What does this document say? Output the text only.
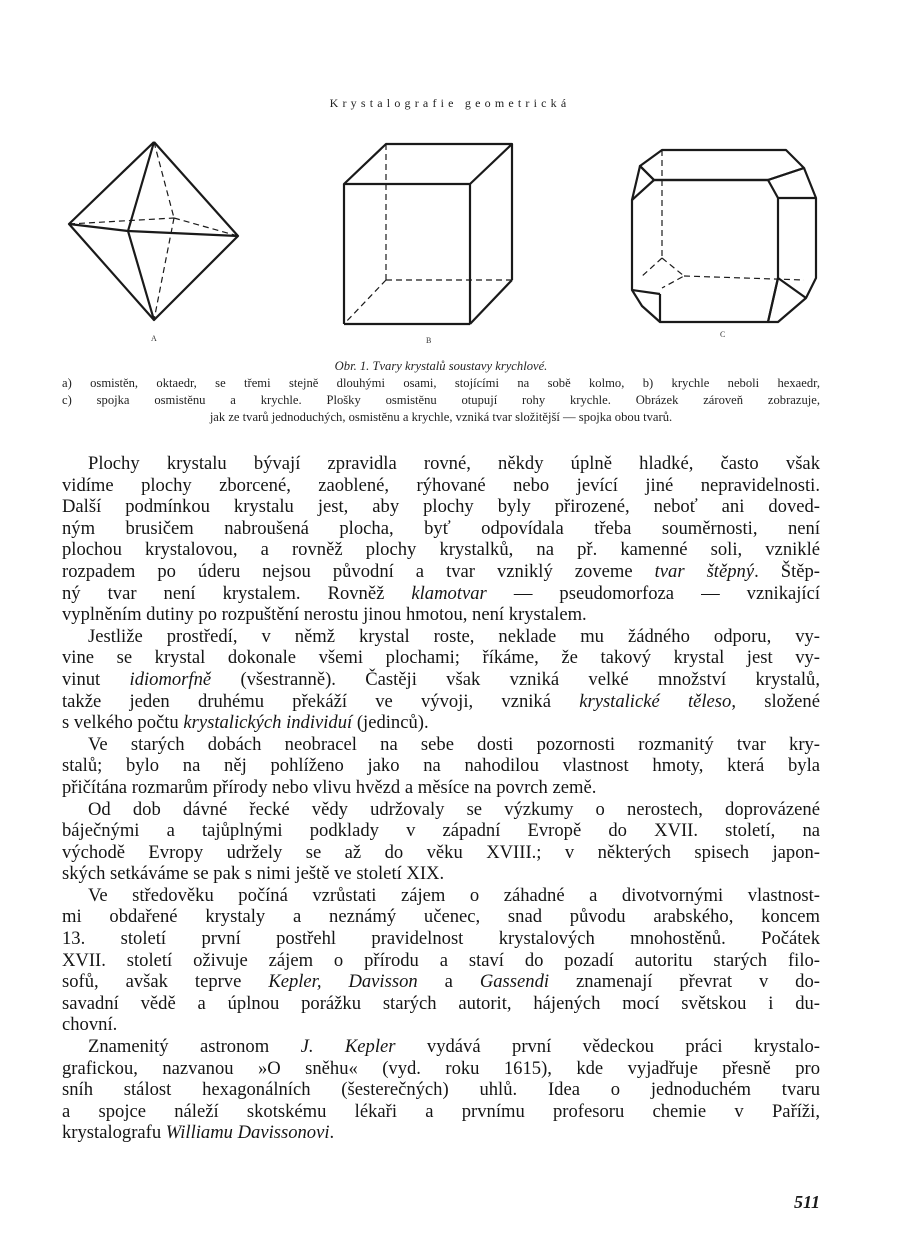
Krystalografie geometrická
A	B
C
Obr. 1. Tvary krystalů soustavy krychlové.
a) osmistěn, oktaedr, se třemi stejně dlouhými osami, stojícími na sobě kolmo, b) krychle neboli hexaedr,
c) spojka osmistěnu a krychle. Plošky osmistěnu otupují rohy krychle. Obrázek zároveň zobrazuje,
jak ze tvarů jednoduchých, osmistěnu a krychle, vzniká tvar složitější — spojka obou tvarů.
Plochy krystalu bývají zpravidla rovné, někdy úplně hladké, často však
vidíme plochy zborcené, zaoblené, rýhované nebo jevící jiné nepravidelnosti.
Další podmínkou krystalu jest, aby plochy byly přirozené, neboť ani doved-
ným brusičem nabroušená plocha, byť odpovídala třeba souměrnosti, není
plochou krystalovou, a rovněž plochy krystalků, na př. kamenné soli, vzniklé
rozpadem po úderu nejsou původní a tvar vzniklý zoveme tvar štěpný. Štěp-
ný tvar není krystalem. Rovněž klamotvar — pseudomorfoza — vznikající
vyplněním dutiny po rozpuštění nerostu jinou hmotou, není krystalem.
Jestliže prostředí, v němž krystal roste, neklade mu žádného odporu, vy-
vine se krystal dokonale všemi plochami; říkáme, že takový krystal jest vy-
vinut idiomorfně (všestranně). Častěji však vzniká velké množství krystalů,
takže jeden druhému překáží ve vývoji, vzniká krystalické těleso, složené
s velkého počtu krystalických individuí (jedinců).
Ve starých dobách neobracel na sebe dosti pozornosti rozmanitý tvar kry-
stalů; bylo na něj pohlíženo jako na nahodilou vlastnost hmoty, která byla
přičítána rozmarům přírody nebo vlivu hvězd a měsíce na povrch země.
Od dob dávné řecké vědy udržovaly se výzkumy o nerostech, doprovázené
báječnými a tajůplnými podklady v západní Evropě do XVII. století, na
východě Evropy udržely se až do věku XVIII.; v některých spisech japon-
ských setkáváme se pak s nimi ještě ve století XIX.
Ve středověku počíná vzrůstati zájem o záhadné a divotvornými vlastnost-
mi obdařené krystaly a neznámý učenec, snad původu arabského, koncem
13. století první postřehl pravidelnost krystalových mnohostěnů. Počátek
XVII. století oživuje zájem o přírodu a staví do pozadí autoritu starých filo-
sofů, avšak teprve Kepler, Davisson a Gassendi znamenají převrat v do-
savadní vědě a úplnou porážku starých autorit, hájených mocí světskou i du-
chovní.
Znamenitý astronom J. Kepler vydává první vědeckou práci krystalo-
grafickou, nazvanou »O sněhu« (vyd. roku 1615), kde vyjadřuje přesně pro
sníh stálost hexagonálních (šesterečných) uhlů. Idea o jednoduchém tvaru
a spojce náleží skotskému lékaři a prvnímu profesoru chemie v Paříži,
krystalografu Williamu Davissonovi.
511
